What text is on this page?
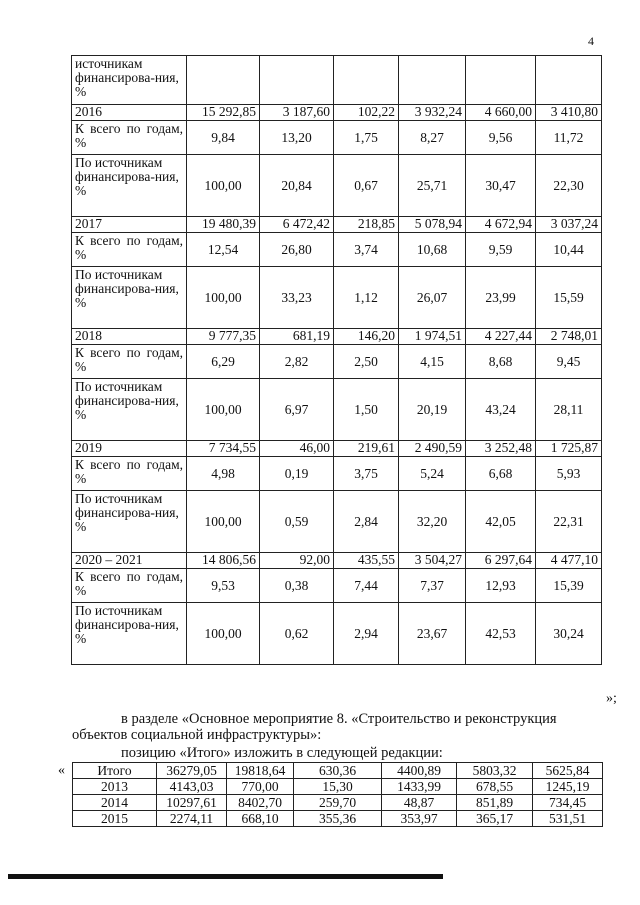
4
источникам финансирова-ния, %						
2016	15 292,85	3 187,60	102,22	3 932,24	4 660,00	3 410,80

К всего по годам, %	9,84	13,20	1,75	8,27	9,56	11,72
По источникам финансирова-ния, %	100,00	20,84	0,67	25,71	30,47	22,30
2017	19 480,39	6 472,42	218,85	5 078,94	4 672,94	3 037,24

К всего по годам, %	12,54	26,80	3,74	10,68	9,59	10,44
По источникам финансирова-ния, %	100,00	33,23	1,12	26,07	23,99	15,59
2018	9 777,35	681,19	146,20	1 974,51	4 227,44	2 748,01

К всего по годам, %	6,29	2,82	2,50	4,15	8,68	9,45
По источникам финансирова-ния, %	100,00	6,97	1,50	20,19	43,24	28,11
2019	7 734,55	46,00	219,61	2 490,59	3 252,48	1 725,87

К всего по годам, %	4,98	0,19	3,75	5,24	6,68	5,93
По источникам финансирова-ния, %	100,00	0,59	2,84	32,20	42,05	22,31
2020 – 2021	14 806,56	92,00	435,55	3 504,27	6 297,64	4 477,10

К всего по годам, %	9,53	0,38	7,44	7,37	12,93	15,39
По источникам финансирова-ния, %	100,00	0,62	2,94	23,67	42,53	30,24
»;
в разделе «Основное мероприятие 8. «Строительство и реконструкция
объектов социальной инфраструктуры»:
позицию «Итого» изложить в следующей редакции:
« Итого	36279,05	19818,64	630,36	4400,89	5803,32	5625,84
2013	4143,03	770,00	15,30	1433,99	678,55	1245,19
2014	10297,61	8402,70	259,70	48,87	851,89	734,45
2015	2274,11	668,10	355,36	353,97	365,17	531,51
